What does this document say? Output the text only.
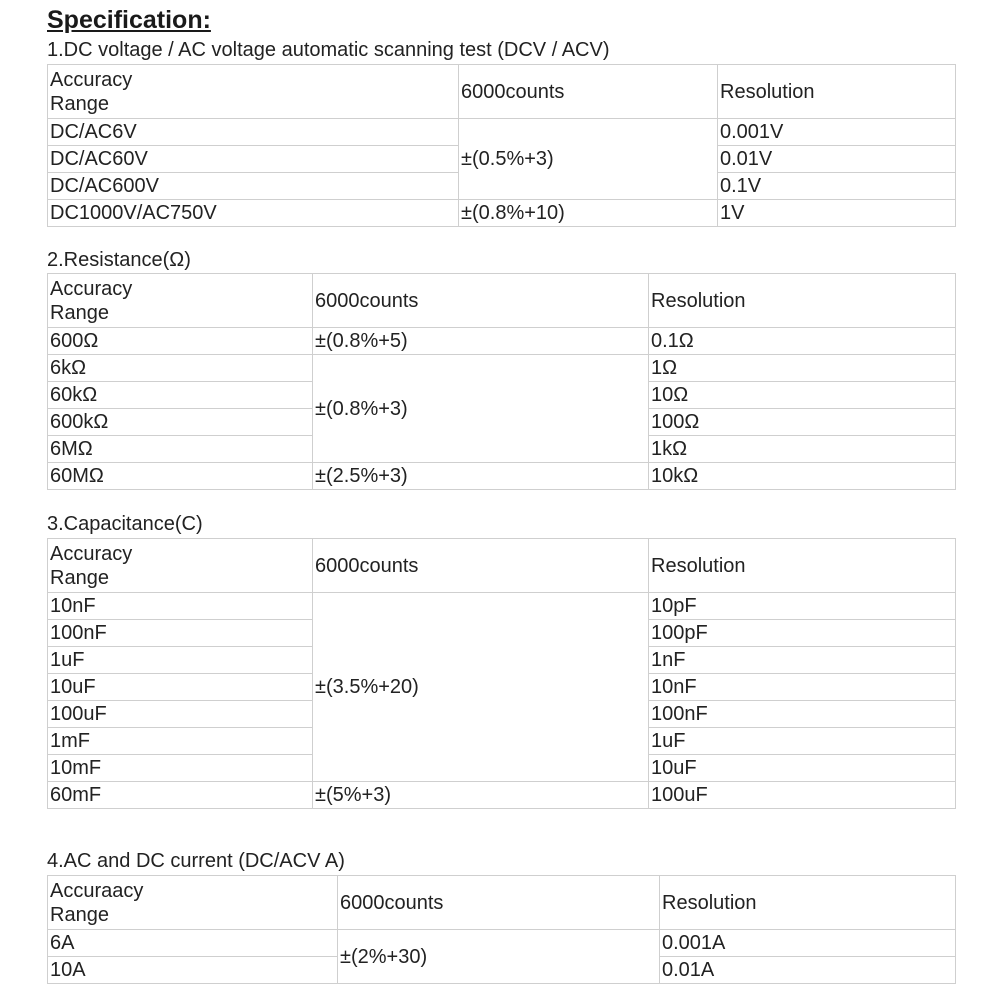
Specification:
1.DC voltage / AC voltage automatic scanning test (DCV / ACV)
Accuracy
Range	6000counts	Resolution
DC/AC6V	±(0.5%+3)	0.001V
DC/AC60V		0.01V
DC/AC600V		0.1V
DC1000V/AC750V	±(0.8%+10)	1V
2.Resistance(Ω)
Accuracy
Range	6000counts	Resolution
600Ω	±(0.8%+5)	0.1Ω
6kΩ	±(0.8%+3)	1Ω
60kΩ		10Ω
600kΩ		100Ω
6MΩ		1kΩ
60MΩ	±(2.5%+3)	10kΩ
3.Capacitance(C)
Accuracy
Range	6000counts	Resolution
10nF	±(3.5%+20)	10pF
100nF		100pF
1uF		1nF
10uF		10nF
100uF		100nF
1mF		1uF
10mF		10uF
60mF	±(5%+3)	100uF
4.AC and DC current (DC/ACV A)
Accuraacy
Range	6000counts	Resolution
6A	±(2%+30)	0.001A
10A		0.01A
